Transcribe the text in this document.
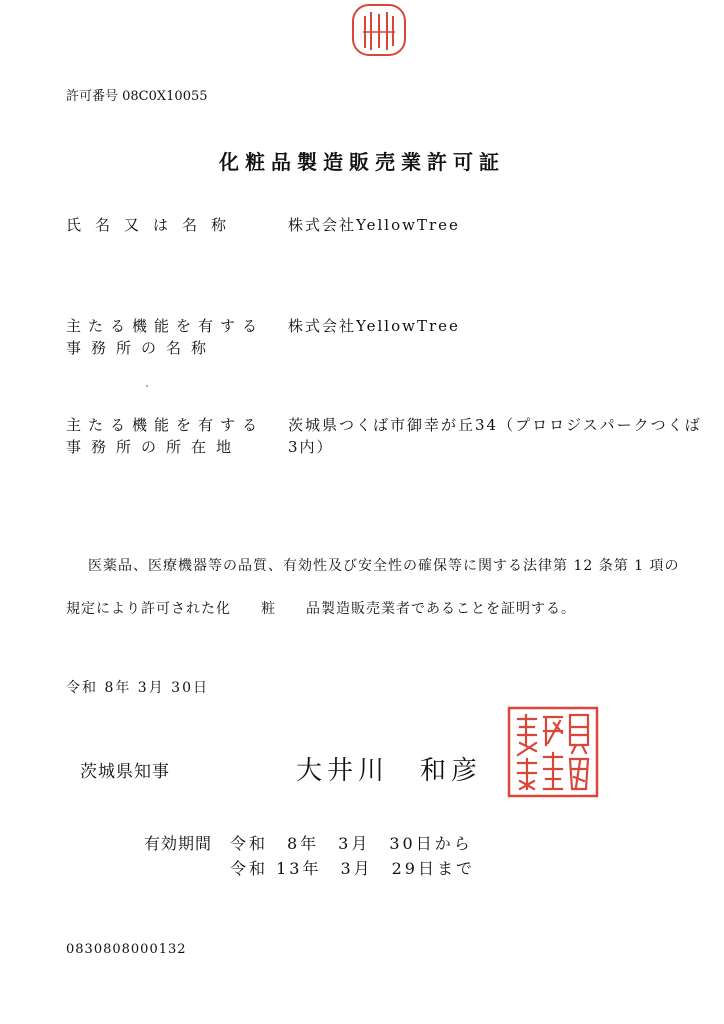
許可番号 08C0X10055
化粧品製造販売業許可証
氏名又は名称	株式会社YellowTree
主たる機能を有する
事務所の名称
株式会社YellowTree
主たる機能を有する
事務所の所在地
茨城県つくば市御幸が丘34（プロロジスパークつくば
3内）
医薬品、医療機器等の品質、有効性及び安全性の確保等に関する法律第 12 条第 1 項の
規定により許可された化　　粧　　品製造販売業者であることを証明する。
令和 8年 3月 30日
茨城県知事	大井川　和彦
有効期間 令和　8年　3月　30日から
令和 13年　3月　29日まで
0830808000132
